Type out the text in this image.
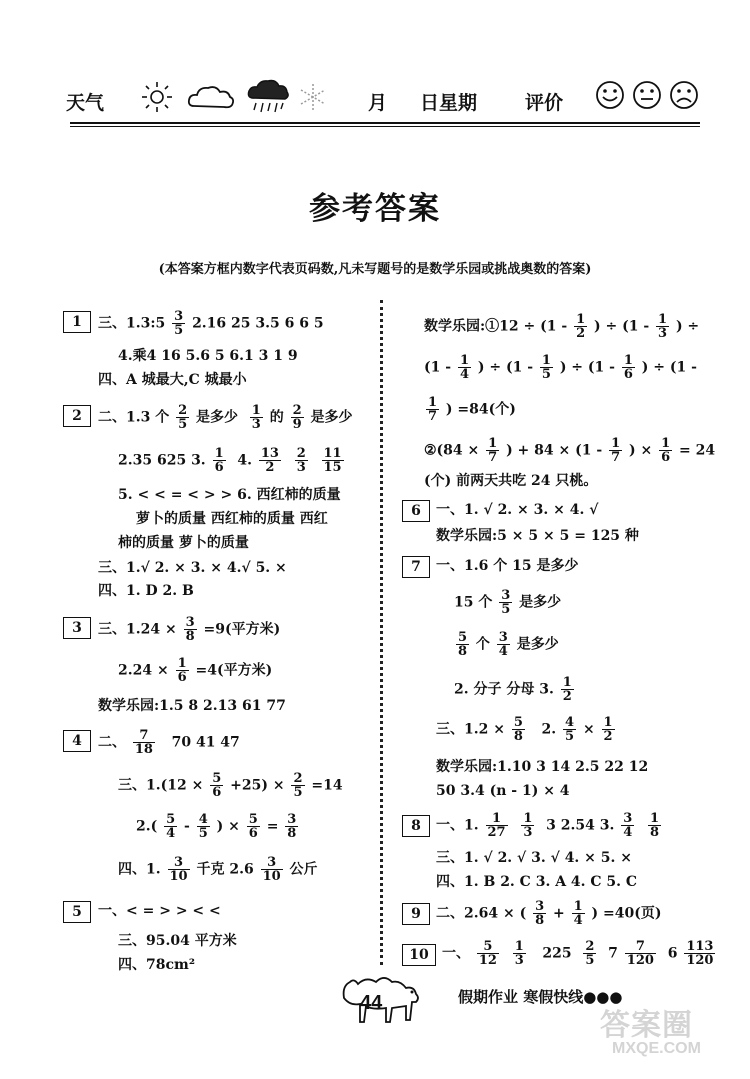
天气	月 日星期	评价
参考答案
(本答案方框内数字代表页码数,凡未写题号的是数学乐园或挑战奥数的答案)
1	三、1.3:5 $\frac{3}{5} 2.16$ 25 3.5 6 6 5
4.乘4 16 5.6 5 6.1 3 1 9
四、A 城最大,C 城最小
2	二、1.3 个 $\frac{2}{5}$ 是多少 $\frac{1}{3}$ 的 $\frac{2}{9}$ 是多少
2.35 625 3. $\frac{1}{6} 4$. $\frac{13}{2}$
$\frac{2}{3}$
$\frac{11}{15}$
5. < < = < > > 6. 西红柿的质量
萝卜的质量 西红柿的质量 西红
柿的质量 萝卜的质量
三、1.√ 2. × 3. × 4.√ 5. ×
四、1. D 2. B
3	三、$1.24 \times \frac{3}{8} =9$(平方米)
$2.24 \times \frac{1}{6} =4$(平方米)
数学乐园:1.5 8 2.13 61 77
4	二、 $\frac{7}{18} 70$ 41 47
三、$1.(12 \times \frac{5}{6} +25) \times \frac{2}{5} =14$
$2.( \frac{5}{4} - \frac{4}{5}$ ) × $\frac{5}{6} = \frac{3}{8}$
四、1. $\frac{3}{10}$ 千克 $2.6 \frac{3}{10}$ 公斤
5	一、< = > > < <
三、95.04 平方米
四、78cm²
数学乐园:①12 ÷ ($1 - \frac{1}{2}$ ) ÷ ($1 - \frac{1}{3}$ ) ÷
($1 - \frac{1}{4}$ ) ÷ ($1 - \frac{1}{5}$ ) ÷ ($1 - \frac{1}{6}$ ) ÷ (1 -
$\frac{1}{7}$ ) =84(个)
②(84 × $\frac{1}{7}$ ) + $84 \times (1 - \frac{1}{7}$ ) × $\frac{1}{6} = 24$
(个) 前两天共吃 24 只桃。
6	一、1. √ 2. × 3. × 4. √
数学乐园:5 × 5 × 5 = 125 种
7	一、1.6 个 15 是多少
15 个 $\frac{3}{5}$ 是多少
$\frac{5}{8}$ 个 $\frac{3}{4}$ 是多少
2. 分子 分母 3. $\frac{1}{2}$
三、$1.2 \times \frac{5}{8} 2$. $\frac{4}{5} \times \frac{1}{2}$
数学乐园:1.10 3 14 2.5 22 12
50 3.4 (n - 1) × 4
8	一、1. $\frac{1}{27}$
$\frac{1}{3} 3$ 2.54 3. $\frac{3}{4}$
$\frac{1}{8}$
三、1. √ 2. √ 3. √ 4. × 5. ×
四、1. B 2. C 3. A 4. C 5. C
9	二、2.64 × ( $\frac{3}{8} + \frac{1}{4}$ ) =40(页)
10 一、 $\frac{5}{12}$
$\frac{1}{3} 225 \frac{2}{5} 7 \frac{7}{120} 6 \frac{113}{120}$
44	假期作业 寒假快线●●●
答案圈
MXQE.COM
